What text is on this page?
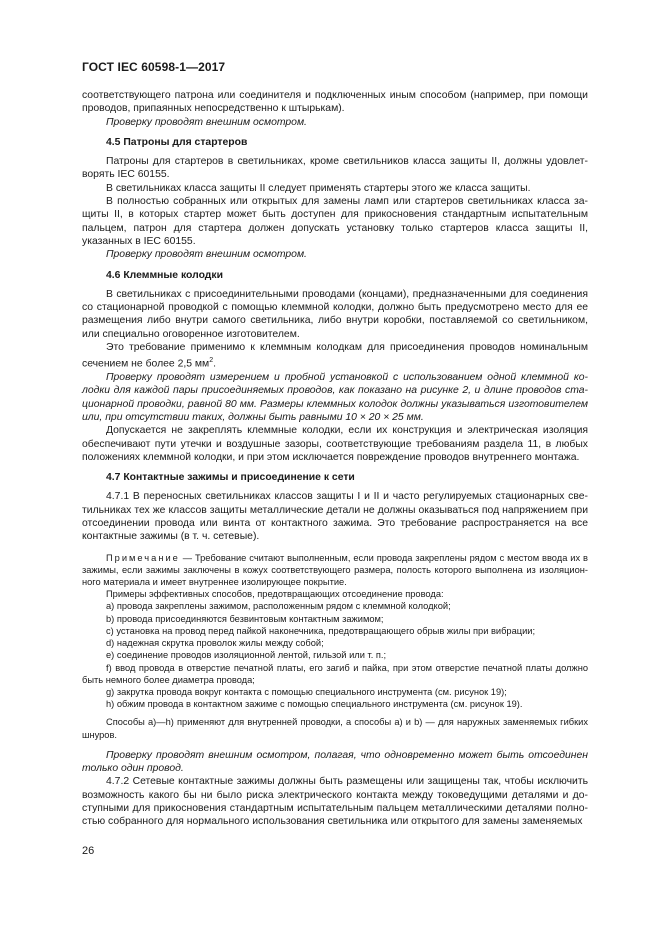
ГОСТ IEC 60598-1—2017

соответствующего патрона или соединителя и подключенных иным способом (например, при помощи проводов, припаянных непосредственно к штырькам).

Проверку проводят внешним осмотром.

4.5 Патроны для стартеров

Патроны для стартеров в светильниках, кроме светильников класса защиты II, должны удовлетворять IEC 60155.

В светильниках класса защиты II следует применять стартеры этого же класса защиты.

В полностью собранных или открытых для замены ламп или стартеров светильниках класса защиты II, в которых стартер может быть доступен для прикосновения стандартным испытательным пальцем, патрон для стартера должен допускать установку только стартеров класса защиты II, указанных в IEC 60155.

Проверку проводят внешним осмотром.

4.6 Клеммные колодки

В светильниках с присоединительными проводами (концами), предназначенными для соединения со стационарной проводкой с помощью клеммной колодки, должно быть предусмотрено место для ее размещения либо внутри самого светильника, либо внутри коробки, поставляемой со светильником, или специально оговоренное изготовителем.

Это требование применимо к клеммным колодкам для присоединения проводов номинальным сечением не более 2,5 $мм^2$.

Проверку проводят измерением и пробной установкой с использованием одной клеммной колодки для каждой пары присоединяемых проводов, как показано на рисунке 2, и длине проводов стационарной проводки, равной 80 мм. Размеры клеммных колодок должны указываться изготовителем или, при отсутствии таких, должны быть равными 10 × 20 × 25 мм.

Допускается не закреплять клеммные колодки, если их конструкция и электрическая изоляция обеспечивают пути утечки и воздушные зазоры, соответствующие требованиям раздела 11, в любых положениях клеммной колодки, и при этом исключается повреждение проводов внутреннего монтажа.

4.7 Контактные зажимы и присоединение к сети

4.7.1 В переносных светильниках классов защиты I и II и часто регулируемых стационарных светильниках тех же классов защиты металлические детали не должны оказываться под напряжением при отсоединении провода или винта от контактного зажима. Это требование распространяется на все контактные зажимы (в т. ч. сетевые).

Примечание — Требование считают выполненным, если провода закреплены рядом с местом ввода их в зажимы, если зажимы заключены в кожух соответствующего размера, полость которого выполнена из изоляционного материала и имеет внутреннее изолирующее покрытие.

Примеры эффективных способов, предотвращающих отсоединение провода:

a) провода закреплены зажимом, расположенным рядом с клеммной колодкой;

b) провода присоединяются безвинтовым контактным зажимом;

c) установка на провод перед пайкой наконечника, предотвращающего обрыв жилы при вибрации;

d) надежная скрутка проволок жилы между собой;

e) соединение проводов изоляционной лентой, гильзой или т. п.;

f) ввод провода в отверстие печатной платы, его загиб и пайка, при этом отверстие печатной платы должно быть немного более диаметра провода;

g) закрутка провода вокруг контакта с помощью специального инструмента (см. рисунок 19);

h) обжим провода в контактном зажиме с помощью специального инструмента (см. рисунок 19).

Способы a)—h) применяют для внутренней проводки, а способы a) и b) — для наружных заменяемых гибких шнуров.

Проверку проводят внешним осмотром, полагая, что одновременно может быть отсоединен только один провод.

4.7.2 Сетевые контактные зажимы должны быть размещены или защищены так, чтобы исключить возможность какого бы ни было риска электрического контакта между токоведущими деталями и доступными для прикосновения стандартным испытательным пальцем металлическими деталями полностью собранного для нормального использования светильника или открытого для замены заменяемых

26
